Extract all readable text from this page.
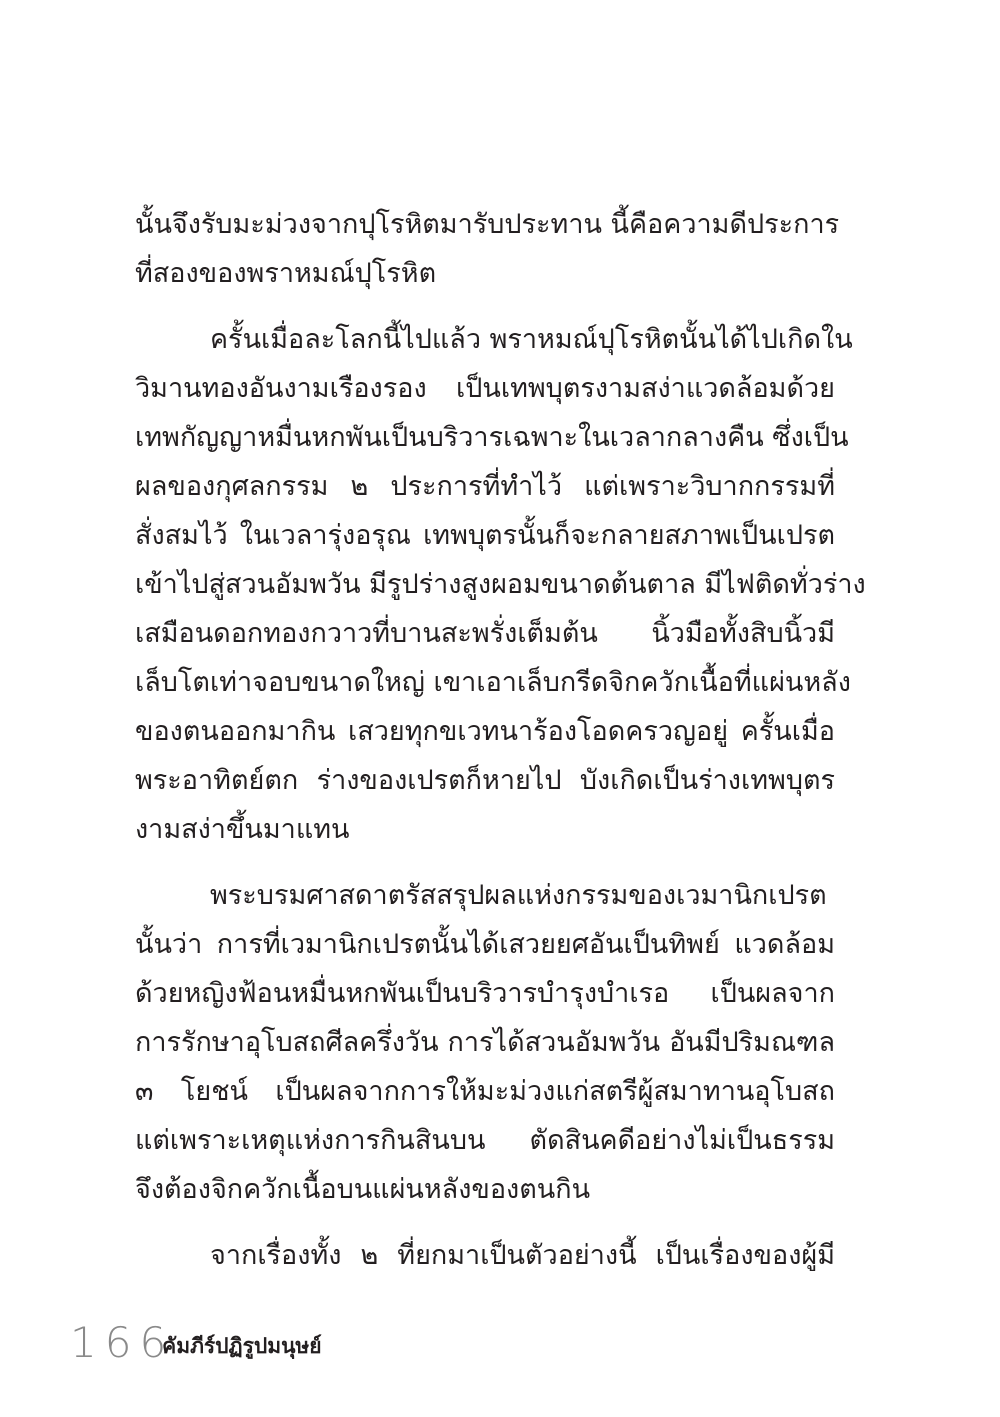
นั้นจึงรับมะม่วงจากปุโรหิตมารับประทาน นี้คือความดีประการ
ที่สองของพราหมณ์ปุโรหิต
ครั้นเมื่อละโลกนี้ไปแล้ว พราหมณ์ปุโรหิตนั้นได้ไปเกิดใน
วิมานทองอันงามเรืองรอง เป็นเทพบุตรงามสง่าแวดล้อมด้วย
เทพกัญญาหมื่นหกพันเป็นบริวารเฉพาะในเวลากลางคืน ซึ่งเป็น
ผลของกุศลกรรม ๒ ประการที่ทำไว้ แต่เพราะวิบากกรรมที่
สั่งสมไว้ ในเวลารุ่งอรุณ เทพบุตรนั้นก็จะกลายสภาพเป็นเปรต
เข้าไปสู่สวนอัมพวัน มีรูปร่างสูงผอมขนาดต้นตาล มีไฟติดทั่วร่าง
เสมือนดอกทองกวาวที่บานสะพรั่งเต็มต้น นิ้วมือทั้งสิบนิ้วมี
เล็บโตเท่าจอบขนาดใหญ่ เขาเอาเล็บกรีดจิกควักเนื้อที่แผ่นหลัง
ของตนออกมากิน เสวยทุกขเวทนาร้องโอดครวญอยู่ ครั้นเมื่อ
พระอาทิตย์ตก ร่างของเปรตก็หายไป บังเกิดเป็นร่างเทพบุตร
งามสง่าขึ้นมาแทน
พระบรมศาสดาตรัสสรุปผลแห่งกรรมของเวมานิกเปรต
นั้นว่า การที่เวมานิกเปรตนั้นได้เสวยยศอันเป็นทิพย์ แวดล้อม
ด้วยหญิงฟ้อนหมื่นหกพันเป็นบริวารบำรุงบำเรอ เป็นผลจาก
การรักษาอุโบสถศีลครึ่งวัน การได้สวนอัมพวัน อันมีปริมณฑล
๓ โยชน์ เป็นผลจากการให้มะม่วงแก่สตรีผู้สมาทานอุโบสถ
แต่เพราะเหตุแห่งการกินสินบน ตัดสินคดีอย่างไม่เป็นธรรม
จึงต้องจิกควักเนื้อบนแผ่นหลังของตนกิน
จากเรื่องทั้ง ๒ ที่ยกมาเป็นตัวอย่างนี้ เป็นเรื่องของผู้มี
166
คัมภีร์ปฏิรูปมนุษย์
